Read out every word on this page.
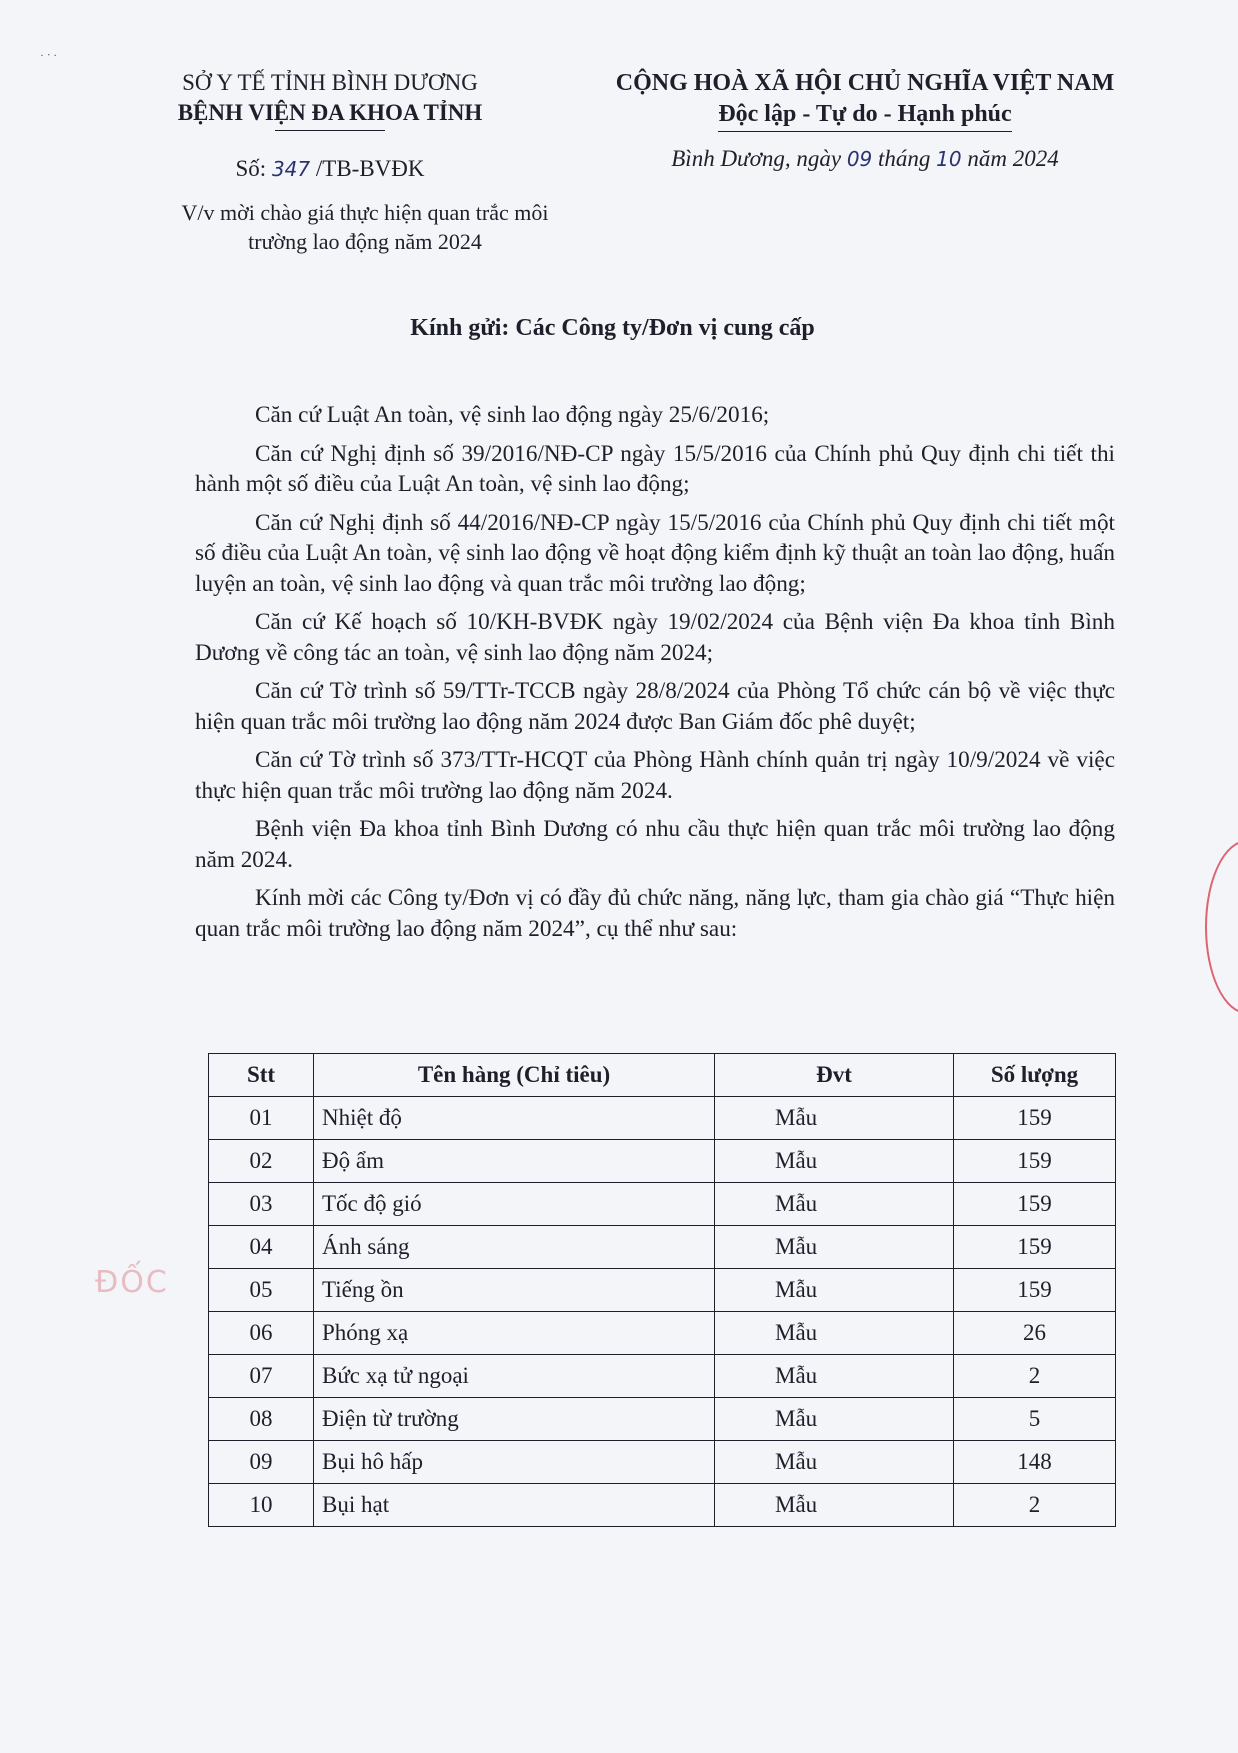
· ᐧ ·
SỞ Y TẾ TỈNH BÌNH DƯƠNG
BỆNH VIỆN ĐA KHOA TỈNH
CỘNG HOÀ XÃ HỘI CHỦ NGHĨA VIỆT NAM
Độc lập - Tự do - Hạnh phúc
Số: 347 /TB-BVĐK	Bình Dương, ngày 09 tháng 10 năm 2024
V/v mời chào giá thực hiện quan trắc môi
trường lao động năm 2024
Kính gửi: Các Công ty/Đơn vị cung cấp

Căn cứ Luật An toàn, vệ sinh lao động ngày 25/6/2016;

Căn cứ Nghị định số 39/2016/NĐ-CP ngày 15/5/2016 của Chính phủ Quy định chi tiết thi hành một số điều của Luật An toàn, vệ sinh lao động;

Căn cứ Nghị định số 44/2016/NĐ-CP ngày 15/5/2016 của Chính phủ Quy định chi tiết một số điều của Luật An toàn, vệ sinh lao động về hoạt động kiểm định kỹ thuật an toàn lao động, huấn luyện an toàn, vệ sinh lao động và quan trắc môi trường lao động;

Căn cứ Kế hoạch số 10/KH-BVĐK ngày 19/02/2024 của Bệnh viện Đa khoa tỉnh Bình Dương về công tác an toàn, vệ sinh lao động năm 2024;

Căn cứ Tờ trình số 59/TTr-TCCB ngày 28/8/2024 của Phòng Tổ chức cán bộ về việc thực hiện quan trắc môi trường lao động năm 2024 được Ban Giám đốc phê duyệt;

Căn cứ Tờ trình số 373/TTr-HCQT của Phòng Hành chính quản trị ngày 10/9/2024 về việc thực hiện quan trắc môi trường lao động năm 2024.

Bệnh viện Đa khoa tỉnh Bình Dương có nhu cầu thực hiện quan trắc môi trường lao động năm 2024.

Kính mời các Công ty/Đơn vị có đầy đủ chức năng, năng lực, tham gia chào giá “Thực hiện quan trắc môi trường lao động năm 2024”, cụ thể như sau:

Stt	Tên hàng (Chỉ tiêu)	Đvt	Số lượng
01	Nhiệt độ	Mẫu	159
02	Độ ẩm	Mẫu	159
03	Tốc độ gió	Mẫu	159
04	Ánh sáng	Mẫu	159
05	Tiếng ồn	Mẫu	159
06	Phóng xạ	Mẫu	26
07	Bức xạ tử ngoại	Mẫu	2
08	Điện từ trường	Mẫu	5
09	Bụi hô hấp	Mẫu	148
10	Bụi hạt	Mẫu	2
ĐỐC
